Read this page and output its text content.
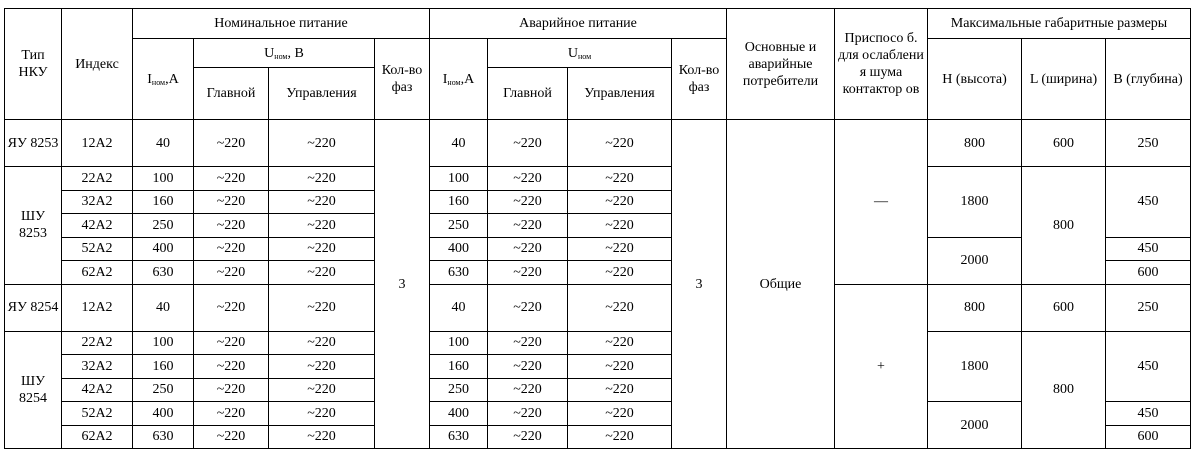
Тип НКУ	Индекс	Номинальное питание				Аварийное питание				Основные и аварийные потребители	Приспосо б. для ослаблени я шума контактор ов	Максимальные габаритные размеры		
		$I_{ном},A$	$U_{ном}$, В		Кол-во фаз	$I_{ном},A$	$U_{ном}$		Кол-во фаз			Н (высота)	L (ширина)	В (глубина)
			Главной	Управления			Главной	Управления						
ЯУ 8253	12А2	40	~220	~220	3	40	~220	~220	3	Общие	—	800	600	250
ШУ 8253	22А2	100	~220	~220		100	~220	~220				1800	800	450
	32А2	160	~220	~220		160	~220	~220						
	42А2	250	~220	~220		250	~220	~220						
	52А2	400	~220	~220		400	~220	~220				2000		450
	62А2	630	~220	~220		630	~220	~220						600
ЯУ 8254	12А2	40	~220	~220		40	~220	~220			+	800	600	250
ШУ 8254	22А2	100	~220	~220		100	~220	~220				1800	800	450
	32А2	160	~220	~220		160	~220	~220						
	42А2	250	~220	~220		250	~220	~220						
	52А2	400	~220	~220		400	~220	~220				2000		450
	62А2	630	~220	~220		630	~220	~220						600
